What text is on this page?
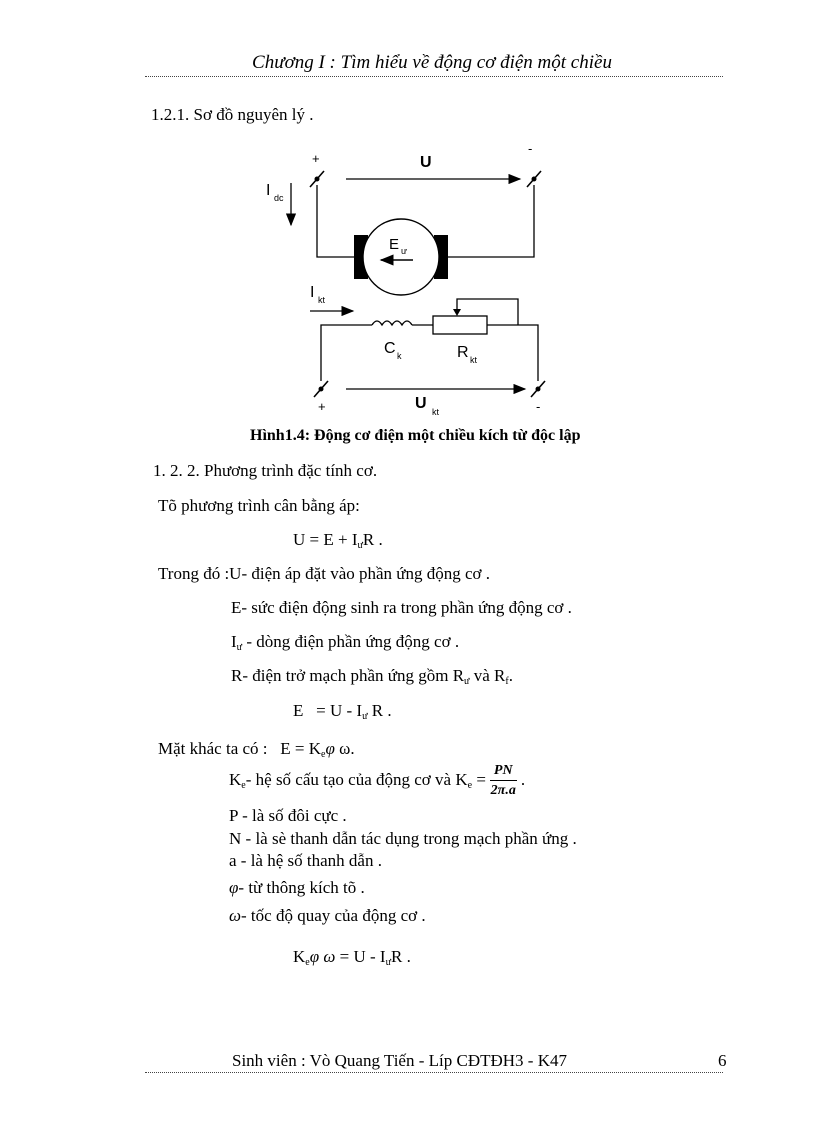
Chương I : Tìm hiểu về động cơ điện một chiều
1.2.1. Sơ đồ nguyên lý .
+
-
U
I dc
E ư
I kt
C k	R kt
+	-
U kt
Hình1.4: Động cơ điện một chiều kích từ độc lập
1. 2. 2. Phương trình đặc tính cơ.
Tõ phương trình cân bằng áp:
$U = E + I_ưR$ .
Trong đó :U- điện áp đặt vào phần ứng động cơ .
E- sức điện động sinh ra trong phần ứng động cơ .
$I_ư$ - dòng điện phần ứng động cơ .
R- điện trở mạch phần ứng gồm $R_ư$ và $R_f$.
$E = U - I_ư$ R .
Mặt khác ta có :   $E = K_e\varphi$ ω.
$K_e-$ hệ số cấu tạo của động cơ và $K_e = \frac{PN}{2\pi.a}$ .
P - là số đôi cực .
N - là sè thanh dẫn tác dụng trong mạch phần ứng .
a - là hệ số thanh dẫn .
φ- từ thông kích tõ .
ω- tốc độ quay của động cơ .
$K_e\varphi$ $\omega = U - I_ưR$ .
Sinh viên : Vò Quang Tiến - Líp CĐTĐH3 - K47	6
